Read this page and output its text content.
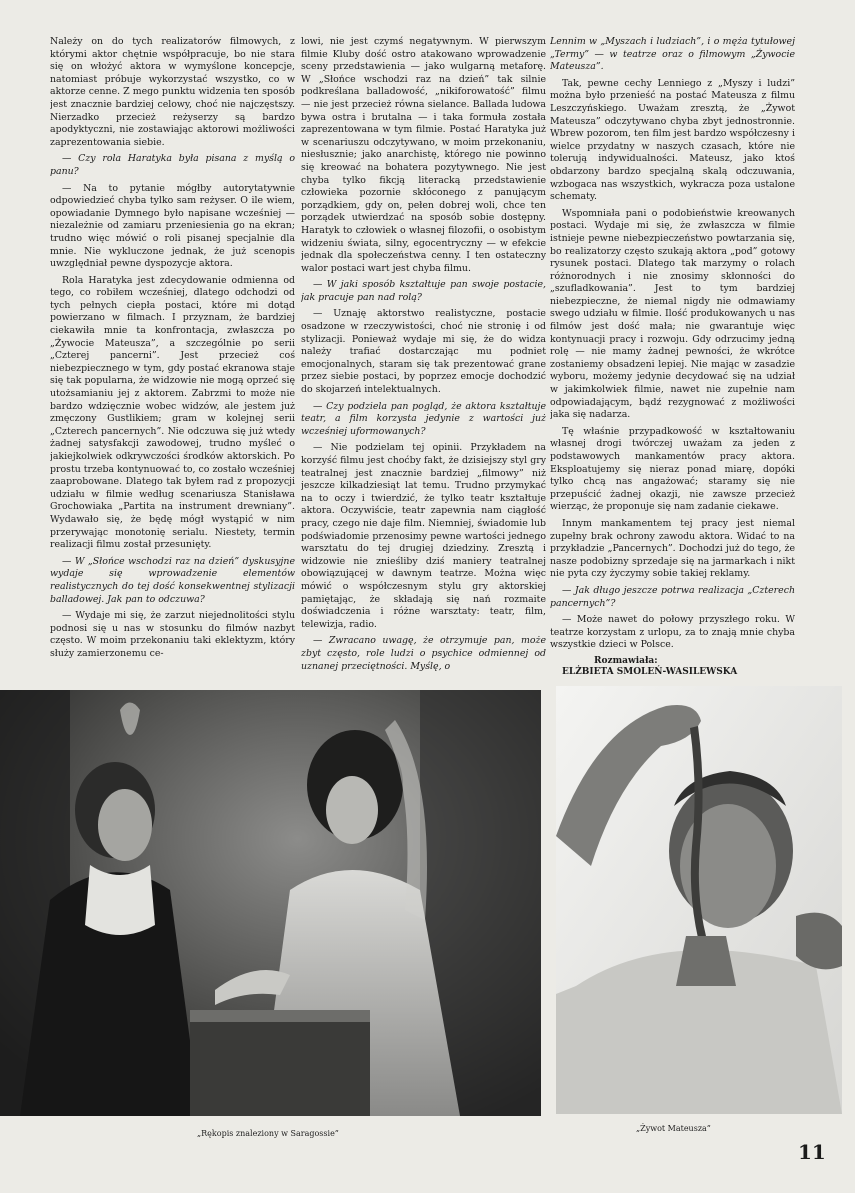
Należy on do tych realizatorów filmowych, z którymi aktor chętnie współpracuje, bo nie stara się on włożyć aktora w wymyślone koncepcje, natomiast próbuje wykorzystać wszystko, co w aktorze cenne. Z mego punktu widzenia ten sposób jest znacznie bardziej celowy, choć nie najczęstszy. Nierzadko przecież reżyserzy są bardzo apodyktyczni, nie zostawiając aktorowi możliwości zaprezentowania siebie.

— Czy rola Haratyka była pisana z myślą o panu?

— Na to pytanie mógłby autorytatywnie odpowiedzieć chyba tylko sam reżyser. O ile wiem, opowiadanie Dymnego było napisane wcześniej — niezależnie od zamiaru przeniesienia go na ekran; trudno więc mówić o roli pisanej specjalnie dla mnie. Nie wykluczone jednak, że już scenopis uwzględniał pewne dyspozycje aktora.

Rola Haratyka jest zdecydowanie odmienna od tego, co robiłem wcześniej, dlatego odchodzi od tych pełnych ciepła postaci, które mi dotąd powierzano w filmach. I przyznam, że bardziej ciekawiła mnie ta konfrontacja, zwłaszcza po „Żywocie Mateusza”, a szczególnie po serii „Czterej pancerni”. Jest przecież coś niebezpiecznego w tym, gdy postać ekranowa staje się tak popularna, że widzowie nie mogą oprzeć się utożsamianiu jej z aktorem. Zabrzmi to może nie bardzo wdzięcznie wobec widzów, ale jestem już zmęczony Gustlikiem; gram w kolejnej serii „Czterech pancernych”. Nie odczuwa się już wtedy żadnej satysfakcji zawodowej, trudno myśleć o jakiejkolwiek odkrywczości środków aktorskich. Po prostu trzeba kontynuować to, co zostało wcześniej zaaprobowane. Dlatego tak byłem rad z propozycji udziału w filmie według scenariusza Stanisława Grochowiaka „Partita na instrument drewniany”. Wydawało się, że będę mógł wystąpić w nim przerywając monotonię serialu. Niestety, termin realizacji filmu został przesunięty.

— W „Słońce wschodzi raz na dzień” dyskusyjne wydaje się wprowadzenie elementów realistycznych do tej dość konsekwentnej stylizacji balladowej. Jak pan to odczuwa?

— Wydaje mi się, że zarzut niejednolitości stylu podnosi się u nas w stosunku do filmów nazbyt często. W moim przekonaniu taki eklektyzm, który służy zamierzonemu ce-

lowi, nie jest czymś negatywnym. W pierwszym filmie Kluby dość ostro atakowano wprowadzenie sceny przedstawienia — jako wulgarną metaforę. W „Słońce wschodzi raz na dzień” tak silnie podkreślana balladowość, „nikiforowatość” filmu — nie jest przecież równa sielance. Ballada ludowa bywa ostra i brutalna — i taka formuła została zaprezentowana w tym filmie. Postać Haratyka już w scenariuszu odczytywano, w moim przekonaniu, niesłusznie; jako anarchistę, którego nie powinno się kreować na bohatera pozytywnego. Nie jest chyba tylko fikcją literacką przedstawienie człowieka pozornie skłóconego z panującym porządkiem, gdy on, pełen dobrej woli, chce ten porządek utwierdzać na sposób sobie dostępny. Haratyk to człowiek o własnej filozofii, o osobistym widzeniu świata, silny, egocentryczny — w efekcie jednak dla społeczeństwa cenny. I ten ostateczny walor postaci wart jest chyba filmu.

— W jaki sposób kształtuje pan swoje postacie, jak pracuje pan nad rolą?

— Uznaję aktorstwo realistyczne, postacie osadzone w rzeczywistości, choć nie stronię i od stylizacji. Ponieważ wydaje mi się, że do widza należy trafiać dostarczając mu podniet emocjonalnych, staram się tak prezentować grane przez siebie postaci, by poprzez emocje dochodzić do skojarzeń intelektualnych.

— Czy podziela pan pogląd, że aktora kształtuje teatr, a film korzysta jedynie z wartości już wcześniej uformowanych?

— Nie podzielam tej opinii. Przykładem na korzyść filmu jest choćby fakt, że dzisiejszy styl gry teatralnej jest znacznie bardziej „filmowy” niż jeszcze kilkadziesiąt lat temu. Trudno przymykać na to oczy i twierdzić, że tylko teatr kształtuje aktora. Oczywiście, teatr zapewnia nam ciągłość pracy, czego nie daje film. Niemniej, świadomie lub podświadomie przenosimy pewne wartości jednego warsztatu do tej drugiej dziedziny. Zresztą i widzowie nie znieśliby dziś maniery teatralnej obowiązującej w dawnym teatrze. Można więc mówić o współczesnym stylu gry aktorskiej pamiętając, że składają się nań rozmaite doświadczenia i różne warsztaty: teatr, film, telewizja, radio.

— Zwracano uwagę, że otrzymuje pan, może zbyt często, role ludzi o psychice odmiennej od uznanej przeciętności. Myślę, o

Lennim w „Myszach i ludziach”, i o męża tytułowej „Termy” — w teatrze oraz o filmowym „Żywocie Mateusza”.

Tak, pewne cechy Lenniego z „Myszy i ludzi” można było przenieść na postać Mateusza z filmu Leszczyńskiego. Uważam zresztą, że „Żywot Mateusza” odczytywano chyba zbyt jednostronnie. Wbrew pozorom, ten film jest bardzo współczesny i wielce przydatny w naszych czasach, które nie tolerują indywidualności. Mateusz, jako ktoś obdarzony bardzo specjalną skalą odczuwania, wzbogaca nas wszystkich, wykracza poza ustalone schematy.

Wspomniała pani o podobieństwie kreowanych postaci. Wydaje mi się, że zwłaszcza w filmie istnieje pewne niebezpieczeństwo powtarzania się, bo realizatorzy często szukają aktora „pod” gotowy rysunek postaci. Dlatego tak marzymy o rolach różnorodnych i nie znosimy skłonności do „szufladkowania”. Jest to tym bardziej niebezpieczne, że niemal nigdy nie odmawiamy swego udziału w filmie. Ilość produkowanych u nas filmów jest dość mała; nie gwarantuje więc kontynuacji pracy i rozwoju. Gdy odrzucimy jedną rolę — nie mamy żadnej pewności, że wkrótce zostaniemy obsadzeni lepiej. Nie mając w zasadzie wyboru, możemy jedynie decydować się na udział w jakimkolwiek filmie, nawet nie zupełnie nam odpowiadającym, bądź rezygnować z możliwości jaka się nadarza.

Tę właśnie przypadkowość w kształtowaniu własnej drogi twórczej uważam za jeden z podstawowych mankamentów pracy aktora. Eksploatujemy się nieraz ponad miarę, dopóki tylko chcą nas angażować; staramy się nie przepuścić żadnej okazji, nie zawsze przecież wierząc, że proponuje się nam zadanie ciekawe.

Innym mankamentem tej pracy jest niemal zupełny brak ochrony zawodu aktora. Widać to na przykładzie „Pancernych”. Dochodzi już do tego, że nasze podobizny sprzedaje się na jarmarkach i nikt nie pyta czy życzymy sobie takiej reklamy.

— Jak długo jeszcze potrwa realizacja „Czterech pancernych”?

— Może nawet do połowy przyszłego roku. W teatrze korzystam z urlopu, za to znają mnie chyba wszystkie dzieci w Polsce.

Rozmawiała:
ELŻBIETA SMOLEŃ-WASILEWSKA

„Rękopis znaleziony w Saragossie”
„Żywot Mateusza”
11
